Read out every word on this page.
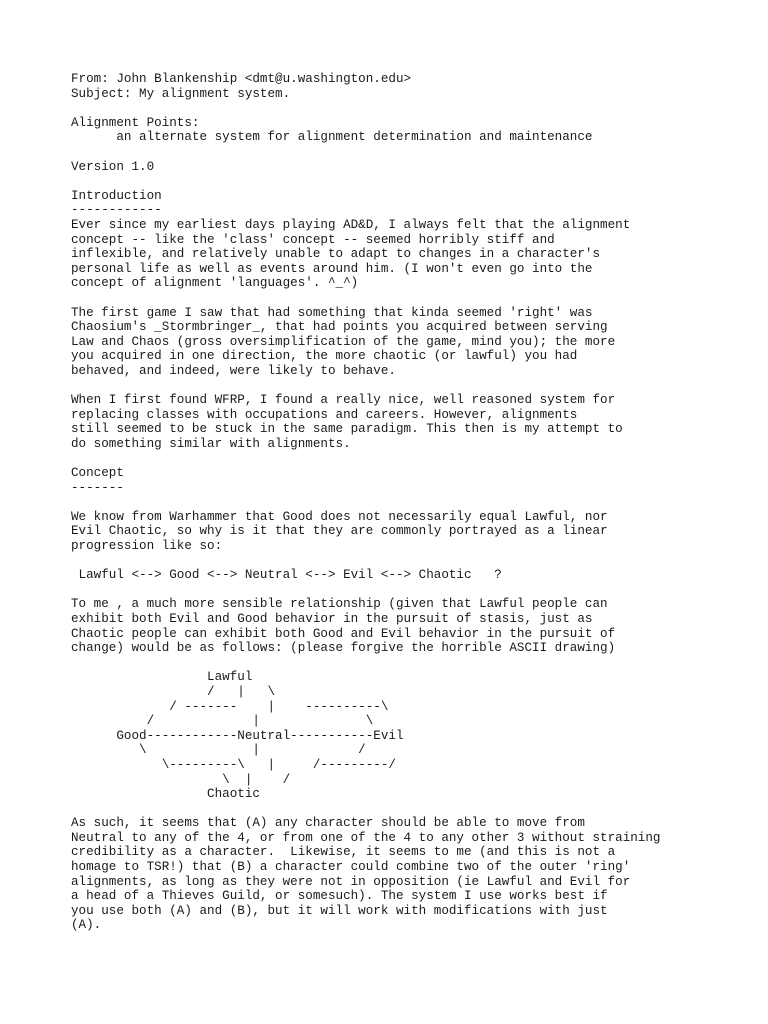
From: John Blankenship <dmt@u.washington.edu>
Subject: My alignment system.

Alignment Points:
an alternate system for alignment determination and maintenance

Version 1.0

Introduction
------------
Ever since my earliest days playing AD&D, I always felt that the alignment
concept -- like the 'class' concept -- seemed horribly stiff and
inflexible, and relatively unable to adapt to changes in a character's
personal life as well as events around him. (I won't even go into the
concept of alignment 'languages'. ^_^)

The first game I saw that had something that kinda seemed 'right' was
Chaosium's _Stormbringer_, that had points you acquired between serving
Law and Chaos (gross oversimplification of the game, mind you); the more
you acquired in one direction, the more chaotic (or lawful) you had
behaved, and indeed, were likely to behave.

When I first found WFRP, I found a really nice, well reasoned system for
replacing classes with occupations and careers. However, alignments
still seemed to be stuck in the same paradigm. This then is my attempt to
do something similar with alignments.

Concept
-------

We know from Warhammer that Good does not necessarily equal Lawful, nor
Evil Chaotic, so why is it that they are commonly portrayed as a linear
progression like so:

Lawful <--> Good <--> Neutral <--> Evil <--> Chaotic   ?

To me , a much more sensible relationship (given that Lawful people can
exhibit both Evil and Good behavior in the pursuit of stasis, just as
Chaotic people can exhibit both Good and Evil behavior in the pursuit of
change) would be as follows: (please forgive the horrible ASCII drawing)

Lawful
/   |   \
/ -------    |    ----------\
/             |              \
Good------------Neutral-----------Evil
\              |             /
\---------\   |     /---------/
\  |    /
Chaotic

As such, it seems that (A) any character should be able to move from
Neutral to any of the 4, or from one of the 4 to any other 3 without straining
credibility as a character.  Likewise, it seems to me (and this is not a
homage to TSR!) that (B) a character could combine two of the outer 'ring'
alignments, as long as they were not in opposition (ie Lawful and Evil for
a head of a Thieves Guild, or somesuch). The system I use works best if
you use both (A) and (B), but it will work with modifications with just
(A).
